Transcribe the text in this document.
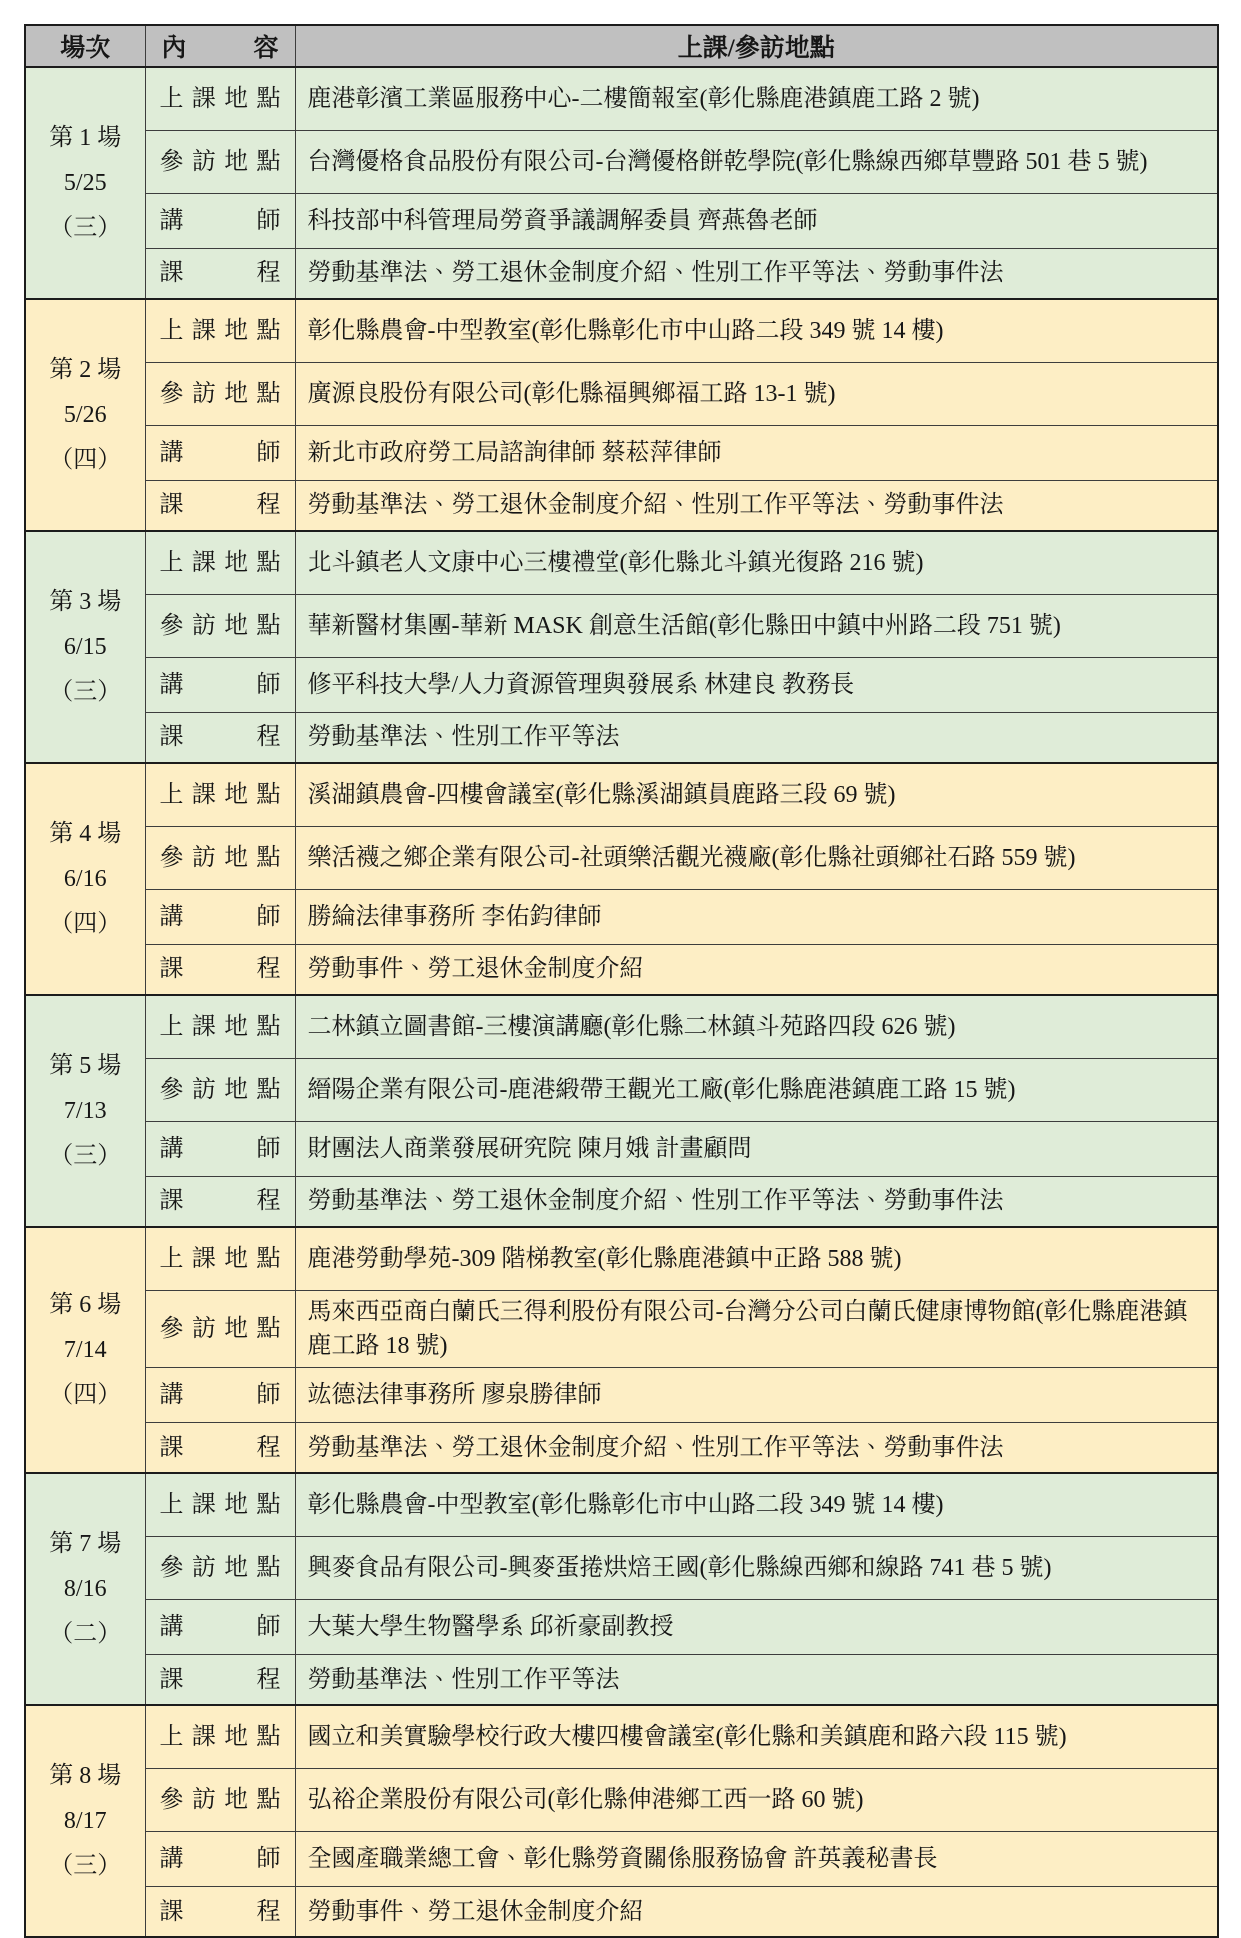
場次	內 容	上課/參訪地點

第 1 場
5/25
（三）	上 課 地 點	鹿港彰濱工業區服務中心-二樓簡報室(彰化縣鹿港鎮鹿工路 2 號)

	參 訪 地 點	台灣優格食品股份有限公司-台灣優格餅乾學院(彰化縣線西鄉草豐路 501 巷 5 號)

	講 師	科技部中科管理局勞資爭議調解委員 齊燕魯老師

	課 程	勞動基準法、勞工退休金制度介紹、性別工作平等法、勞動事件法

第 2 場
5/26
（四）	上 課 地 點	彰化縣農會-中型教室(彰化縣彰化市中山路二段 349 號 14 樓)

	參 訪 地 點	廣源良股份有限公司(彰化縣福興鄉福工路 13-1 號)

	講 師	新北市政府勞工局諮詢律師 蔡菘萍律師

	課 程	勞動基準法、勞工退休金制度介紹、性別工作平等法、勞動事件法

第 3 場
6/15
（三）	上 課 地 點	北斗鎮老人文康中心三樓禮堂(彰化縣北斗鎮光復路 216 號)

	參 訪 地 點	華新醫材集團-華新 MASK 創意生活館(彰化縣田中鎮中州路二段 751 號)

	講 師	修平科技大學/人力資源管理與發展系 林建良 教務長

	課 程	勞動基準法、性別工作平等法

第 4 場
6/16
（四）	上 課 地 點	溪湖鎮農會-四樓會議室(彰化縣溪湖鎮員鹿路三段 69 號)

	參 訪 地 點	樂活襪之鄉企業有限公司-社頭樂活觀光襪廠(彰化縣社頭鄉社石路 559 號)

	講 師	勝綸法律事務所 李佑鈞律師

	課 程	勞動事件、勞工退休金制度介紹

第 5 場
7/13
（三）	上 課 地 點	二林鎮立圖書館-三樓演講廳(彰化縣二林鎮斗苑路四段 626 號)

	參 訪 地 點	縉陽企業有限公司-鹿港緞帶王觀光工廠(彰化縣鹿港鎮鹿工路 15 號)

	講 師	財團法人商業發展研究院 陳月娥 計畫顧問

	課 程	勞動基準法、勞工退休金制度介紹、性別工作平等法、勞動事件法

第 6 場
7/14
（四）	上 課 地 點	鹿港勞動學苑-309 階梯教室(彰化縣鹿港鎮中正路 588 號)

	參 訪 地 點	馬來西亞商白蘭氏三得利股份有限公司-台灣分公司白蘭氏健康博物館(彰化縣鹿港鎮鹿工路 18 號)

	講 師	竑德法律事務所 廖泉勝律師

	課 程	勞動基準法、勞工退休金制度介紹、性別工作平等法、勞動事件法

第 7 場
8/16
（二）	上 課 地 點	彰化縣農會-中型教室(彰化縣彰化市中山路二段 349 號 14 樓)

	參 訪 地 點	興麥食品有限公司-興麥蛋捲烘焙王國(彰化縣線西鄉和線路 741 巷 5 號)

	講 師	大葉大學生物醫學系 邱祈豪副教授

	課 程	勞動基準法、性別工作平等法

第 8 場
8/17
（三）	上 課 地 點	國立和美實驗學校行政大樓四樓會議室(彰化縣和美鎮鹿和路六段 115 號)

	參 訪 地 點	弘裕企業股份有限公司(彰化縣伸港鄉工西一路 60 號)

	講 師	全國產職業總工會、彰化縣勞資關係服務協會 許英義秘書長

	課 程	勞動事件、勞工退休金制度介紹
